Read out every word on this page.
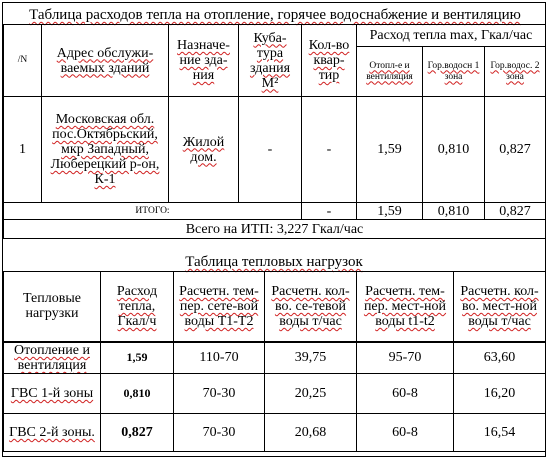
Таблица расходов тепла на отопление, горячее водоснабжение и вентиляцию
/N	Адрес обслужи-ваемых зданий	Назначе-ние зда-ния	Куба-тура здания М²	Кол-во квар-тир	Расход тепла max, Гкал/час		
					Отопл-е и вентиляция	Гор.водосн 1 зона	Гор.водос. 2 зона
1	Московская обл. пос.Октябрьский, мкр Западный, Люберецкий р-он, К-1	Жилой дом.	-	-	1,59	0,810	0,827
ИТОГО:				-	1,59	0,810	0,827
Всего на ИТП: 3,227 Гкал/час							
Таблица тепловых нагрузок
Тепловые нагрузки	Расход тепла, Гкал/ч	Расчетн. тем-пер. сете-вой воды Т1-Т2	Расчетн. кол-во. се-тевой воды т/час	Расчетн. тем-пер. мест-ной воды t1-t2	Расчетн. кол-во. мест-ной воды т/час
Отопление и вентиляция	1,59	110-70	39,75	95-70	63,60
ГВС 1-й зоны	0,810	70-30	20,25	60-8	16,20
ГВС 2-й зоны.	0,827	70-30	20,68	60-8	16,54
